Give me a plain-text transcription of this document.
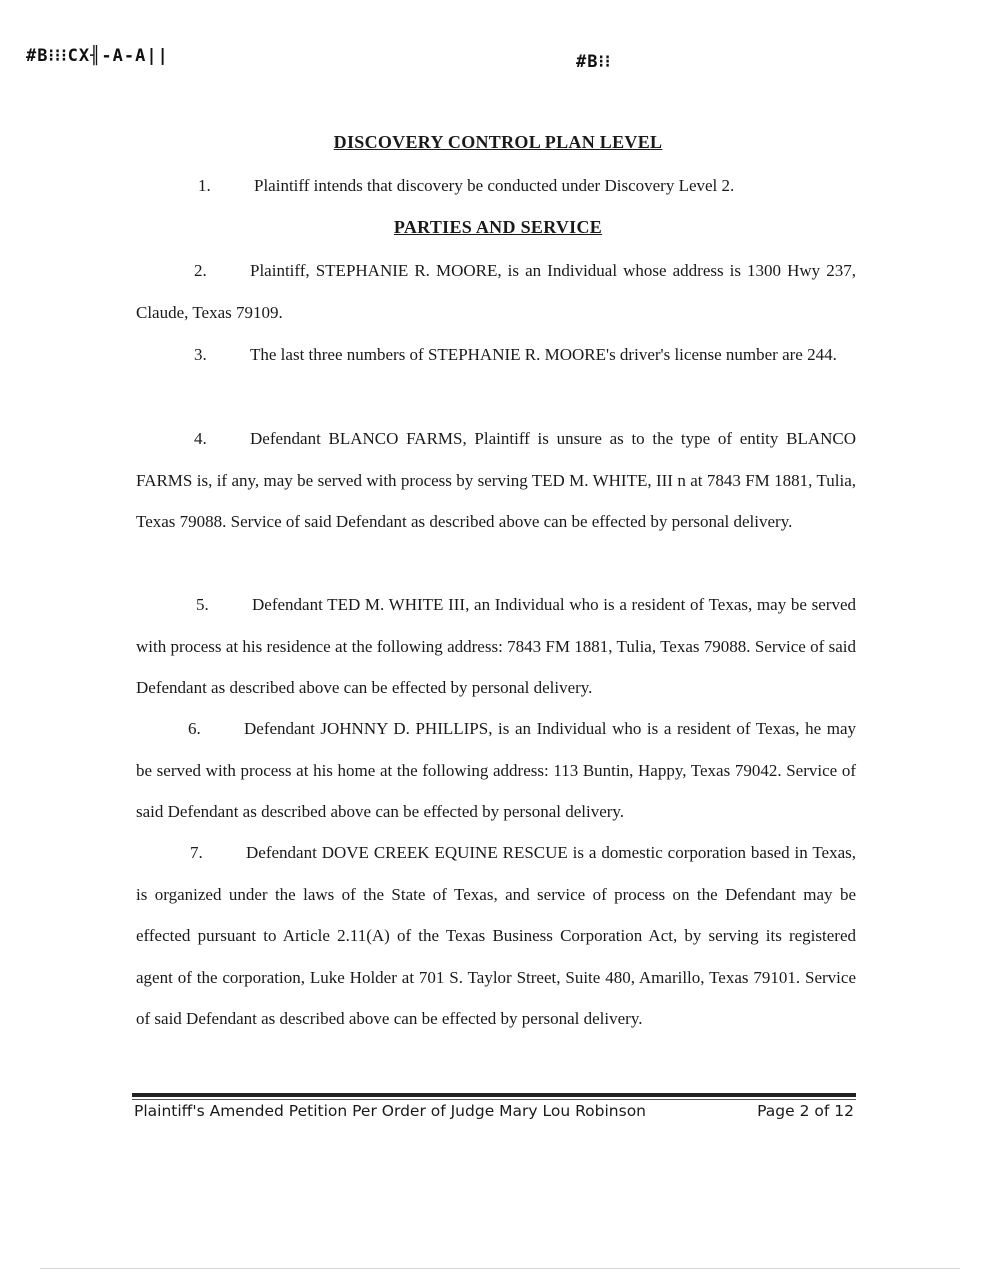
#B⁝⁝⁝CX╢-A-A||	#B⁝⁝
DISCOVERY CONTROL PLAN LEVEL
1.	Plaintiff intends that discovery be conducted under Discovery Level 2.
PARTIES AND SERVICE
2.	Plaintiff, STEPHANIE R. MOORE, is an Individual whose address is 1300 Hwy 237, Claude, Texas 79109.
3.	The last three numbers of STEPHANIE R. MOORE's driver's license number are 244.
4.	Defendant BLANCO FARMS, Plaintiff is unsure as to the type of entity BLANCO FARMS is, if any, may be served with process by serving TED M. WHITE, III n at 7843 FM 1881, Tulia, Texas 79088. Service of said Defendant as described above can be effected by personal delivery.
5.	Defendant TED M. WHITE III, an Individual who is a resident of Texas, may be served with process at his residence at the following address: 7843 FM 1881, Tulia, Texas 79088. Service of said Defendant as described above can be effected by personal delivery.
6.	Defendant JOHNNY D. PHILLIPS, is an Individual who is a resident of Texas, he may be served with process at his home at the following address: 113 Buntin, Happy, Texas 79042. Service of said Defendant as described above can be effected by personal delivery.
7.	Defendant DOVE CREEK EQUINE RESCUE is a domestic corporation based in Texas, is organized under the laws of the State of Texas, and service of process on the Defendant may be effected pursuant to Article 2.11(A) of the Texas Business Corporation Act, by serving its registered agent of the corporation, Luke Holder at 701 S. Taylor Street, Suite 480, Amarillo, Texas 79101. Service of said Defendant as described above can be effected by personal delivery.
Plaintiff's Amended Petition Per Order of Judge Mary Lou Robinson	Page 2 of 12
